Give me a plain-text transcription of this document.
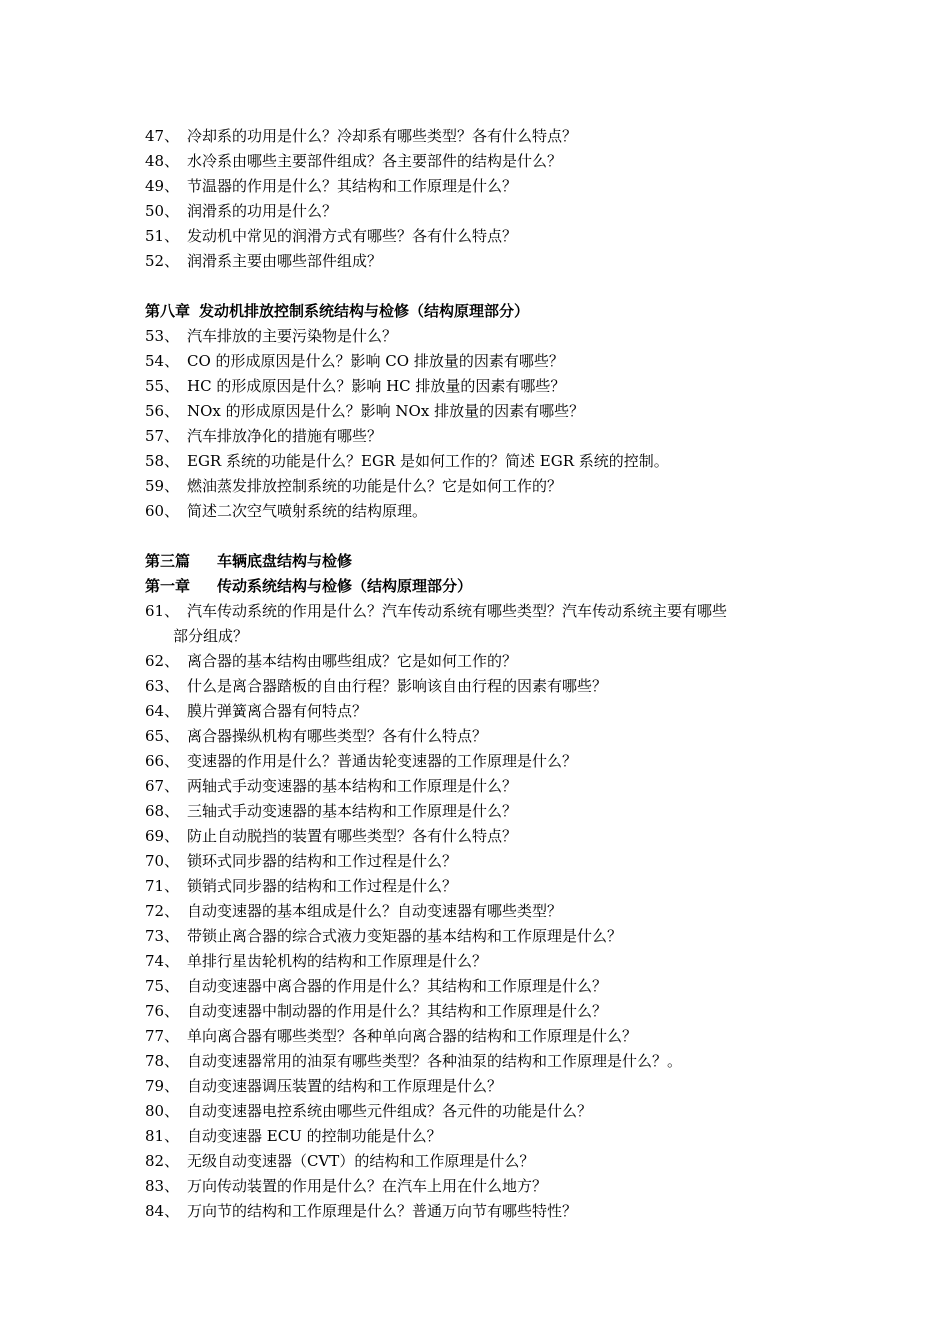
47、 冷却系的功用是什么？冷却系有哪些类型？各有什么特点？
48、 水冷系由哪些主要部件组成？各主要部件的结构是什么？
49、 节温器的作用是什么？其结构和工作原理是什么？
50、 润滑系的功用是什么？
51、 发动机中常见的润滑方式有哪些？各有什么特点？
52、 润滑系主要由哪些部件组成？
第八章 发动机排放控制系统结构与检修（结构原理部分）
53、 汽车排放的主要污染物是什么？
54、 CO 的形成原因是什么？影响 CO 排放量的因素有哪些？
55、 HC 的形成原因是什么？影响 HC 排放量的因素有哪些？
56、 NOx 的形成原因是什么？影响 NOx 排放量的因素有哪些？
57、 汽车排放净化的措施有哪些？
58、 EGR 系统的功能是什么？EGR 是如何工作的？简述 EGR 系统的控制。
59、 燃油蒸发排放控制系统的功能是什么？它是如何工作的？
60、 简述二次空气喷射系统的结构原理。
第三篇 车辆底盘结构与检修
第一章 传动系统结构与检修（结构原理部分）
61、 汽车传动系统的作用是什么？汽车传动系统有哪些类型？汽车传动系统主要有哪些
部分组成？
62、 离合器的基本结构由哪些组成？它是如何工作的？
63、 什么是离合器踏板的自由行程？影响该自由行程的因素有哪些？
64、 膜片弹簧离合器有何特点？
65、 离合器操纵机构有哪些类型？各有什么特点？
66、 变速器的作用是什么？普通齿轮变速器的工作原理是什么？
67、 两轴式手动变速器的基本结构和工作原理是什么？
68、 三轴式手动变速器的基本结构和工作原理是什么？
69、 防止自动脱挡的装置有哪些类型？各有什么特点？
70、 锁环式同步器的结构和工作过程是什么？
71、 锁销式同步器的结构和工作过程是什么？
72、 自动变速器的基本组成是什么？自动变速器有哪些类型？
73、 带锁止离合器的综合式液力变矩器的基本结构和工作原理是什么？
74、 单排行星齿轮机构的结构和工作原理是什么？
75、 自动变速器中离合器的作用是什么？其结构和工作原理是什么？
76、 自动变速器中制动器的作用是什么？其结构和工作原理是什么？
77、 单向离合器有哪些类型？各种单向离合器的结构和工作原理是什么？
78、 自动变速器常用的油泵有哪些类型？各种油泵的结构和工作原理是什么？。
79、 自动变速器调压装置的结构和工作原理是什么？
80、 自动变速器电控系统由哪些元件组成？各元件的功能是什么？
81、 自动变速器 ECU 的控制功能是什么？
82、 无级自动变速器（CVT）的结构和工作原理是什么？
83、 万向传动装置的作用是什么？在汽车上用在什么地方？
84、 万向节的结构和工作原理是什么？普通万向节有哪些特性？
